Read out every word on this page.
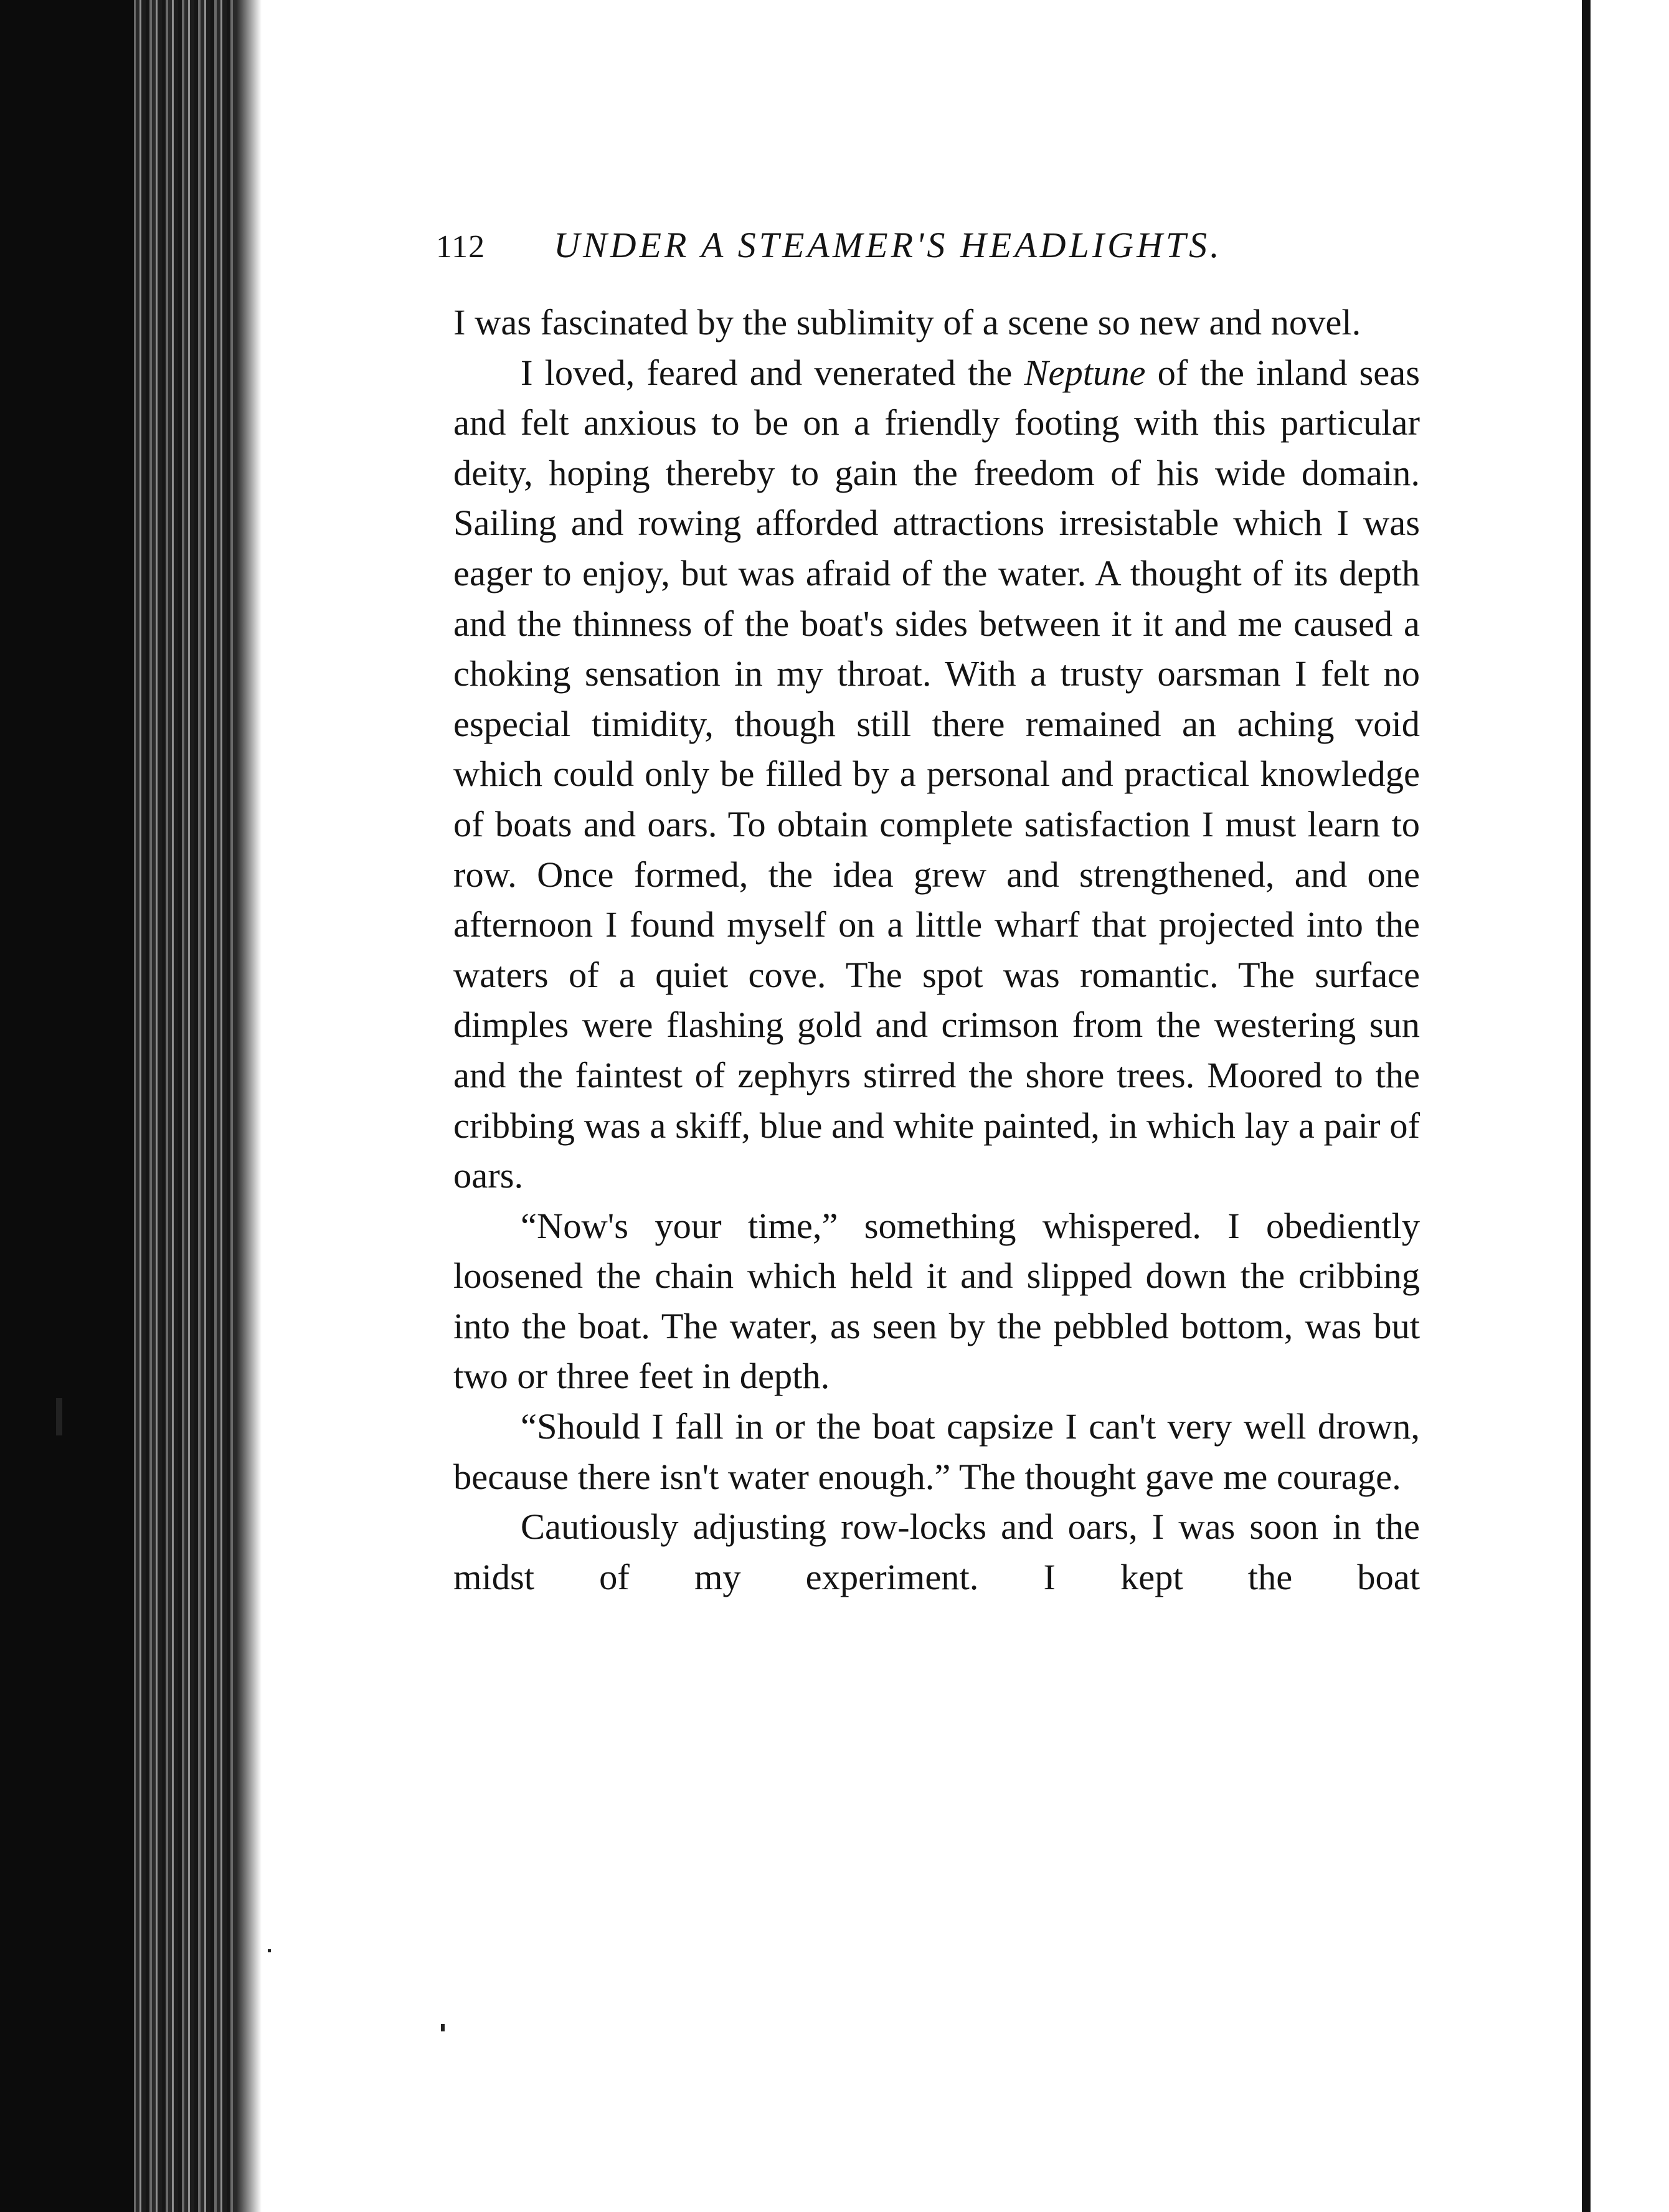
112 UNDER A STEAMER'S HEADLIGHTS.

I was fascinated by the sublimity of a scene so new and novel.

I loved, feared and venerated the Neptune of the inland seas and felt anxious to be on a friendly footing with this particular deity, hoping thereby to gain the freedom of his wide domain. Sailing and rowing afforded attractions irresistable which I was eager to enjoy, but was afraid of the water. A thought of its depth and the thinness of the boat's sides between it it and me caused a choking sensation in my throat. With a trusty oarsman I felt no especial timidity, though still there remained an aching void which could only be filled by a personal and practical knowledge of boats and oars. To obtain complete satisfaction I must learn to row. Once formed, the idea grew and strengthened, and one afternoon I found myself on a little wharf that projected into the waters of a quiet cove. The spot was romantic. The surface dimples were flashing gold and crimson from the westering sun and the faintest of zephyrs stirred the shore trees. Moored to the cribbing was a skiff, blue and white painted, in which lay a pair of oars.

“Now's your time,” something whispered. I obediently loosened the chain which held it and slipped down the cribbing into the boat. The water, as seen by the pebbled bottom, was but two or three feet in depth.

“Should I fall in or the boat capsize I can't very well drown, because there isn't water enough.” The thought gave me courage.

Cautiously adjusting row-locks and oars, I was soon in the midst of my experiment. I kept the boat
